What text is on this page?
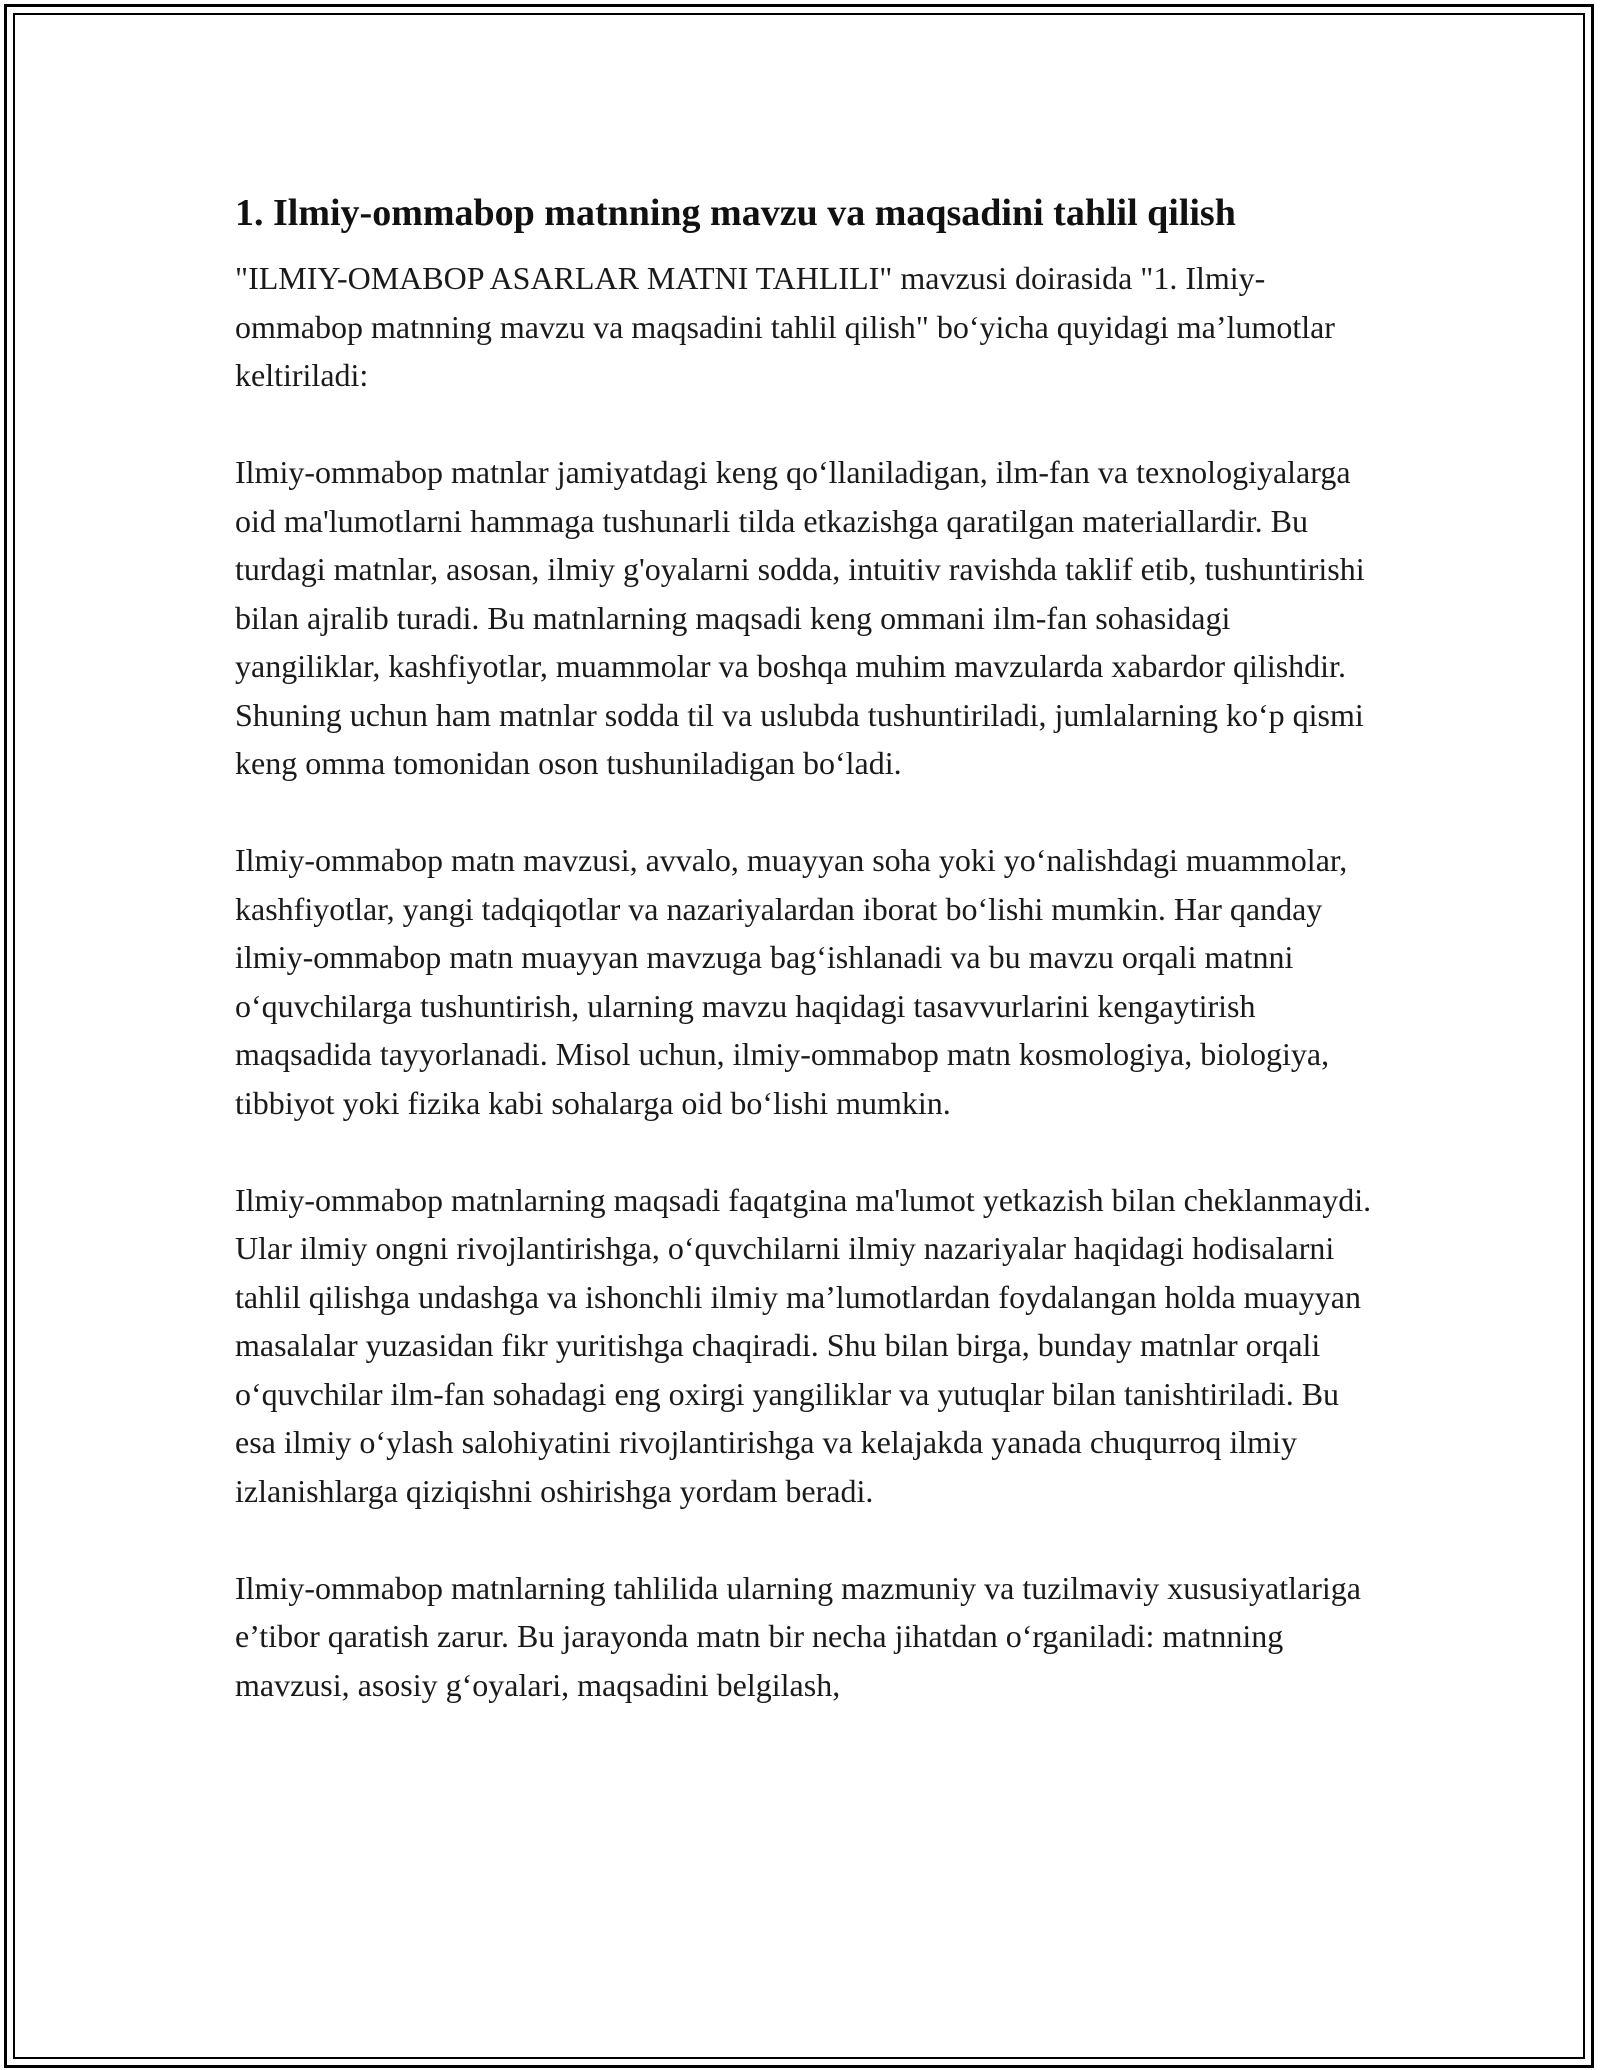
1. Ilmiy-ommabop matnning mavzu va maqsadini tahlil qilish

"ILMIY-OMABOP ASARLAR MATNI TAHLILI" mavzusi doirasida "1. Ilmiy-ommabop matnning mavzu va maqsadini tahlil qilish" bo‘yicha quyidagi ma’lumotlar keltiriladi:

Ilmiy-ommabop matnlar jamiyatdagi keng qo‘llaniladigan, ilm-fan va texnologiyalarga oid ma'lumotlarni hammaga tushunarli tilda etkazishga qaratilgan materiallardir. Bu turdagi matnlar, asosan, ilmiy g'oyalarni sodda, intuitiv ravishda taklif etib, tushuntirishi bilan ajralib turadi. Bu matnlarning maqsadi keng ommani ilm-fan sohasidagi yangiliklar, kashfiyotlar, muammolar va boshqa muhim mavzularda xabardor qilishdir. Shuning uchun ham matnlar sodda til va uslubda tushuntiriladi, jumlalarning ko‘p qismi keng omma tomonidan oson tushuniladigan bo‘ladi.

Ilmiy-ommabop matn mavzusi, avvalo, muayyan soha yoki yo‘nalishdagi muammolar, kashfiyotlar, yangi tadqiqotlar va nazariyalardan iborat bo‘lishi mumkin. Har qanday ilmiy-ommabop matn muayyan mavzuga bag‘ishlanadi va bu mavzu orqali matnni o‘quvchilarga tushuntirish, ularning mavzu haqidagi tasavvurlarini kengaytirish maqsadida tayyorlanadi. Misol uchun, ilmiy-ommabop matn kosmologiya, biologiya, tibbiyot yoki fizika kabi sohalarga oid bo‘lishi mumkin.

Ilmiy-ommabop matnlarning maqsadi faqatgina ma'lumot yetkazish bilan cheklanmaydi. Ular ilmiy ongni rivojlantirishga, o‘quvchilarni ilmiy nazariyalar haqidagi hodisalarni tahlil qilishga undashga va ishonchli ilmiy ma’lumotlardan foydalangan holda muayyan masalalar yuzasidan fikr yuritishga chaqiradi. Shu bilan birga, bunday matnlar orqali o‘quvchilar ilm-fan sohadagi eng oxirgi yangiliklar va yutuqlar bilan tanishtiriladi. Bu esa ilmiy o‘ylash salohiyatini rivojlantirishga va kelajakda yanada chuqurroq ilmiy izlanishlarga qiziqishni oshirishga yordam beradi.

Ilmiy-ommabop matnlarning tahlilida ularning mazmuniy va tuzilmaviy xususiyatlariga e’tibor qaratish zarur. Bu jarayonda matn bir necha jihatdan o‘rganiladi: matnning mavzusi, asosiy g‘oyalari, maqsadini belgilash,
